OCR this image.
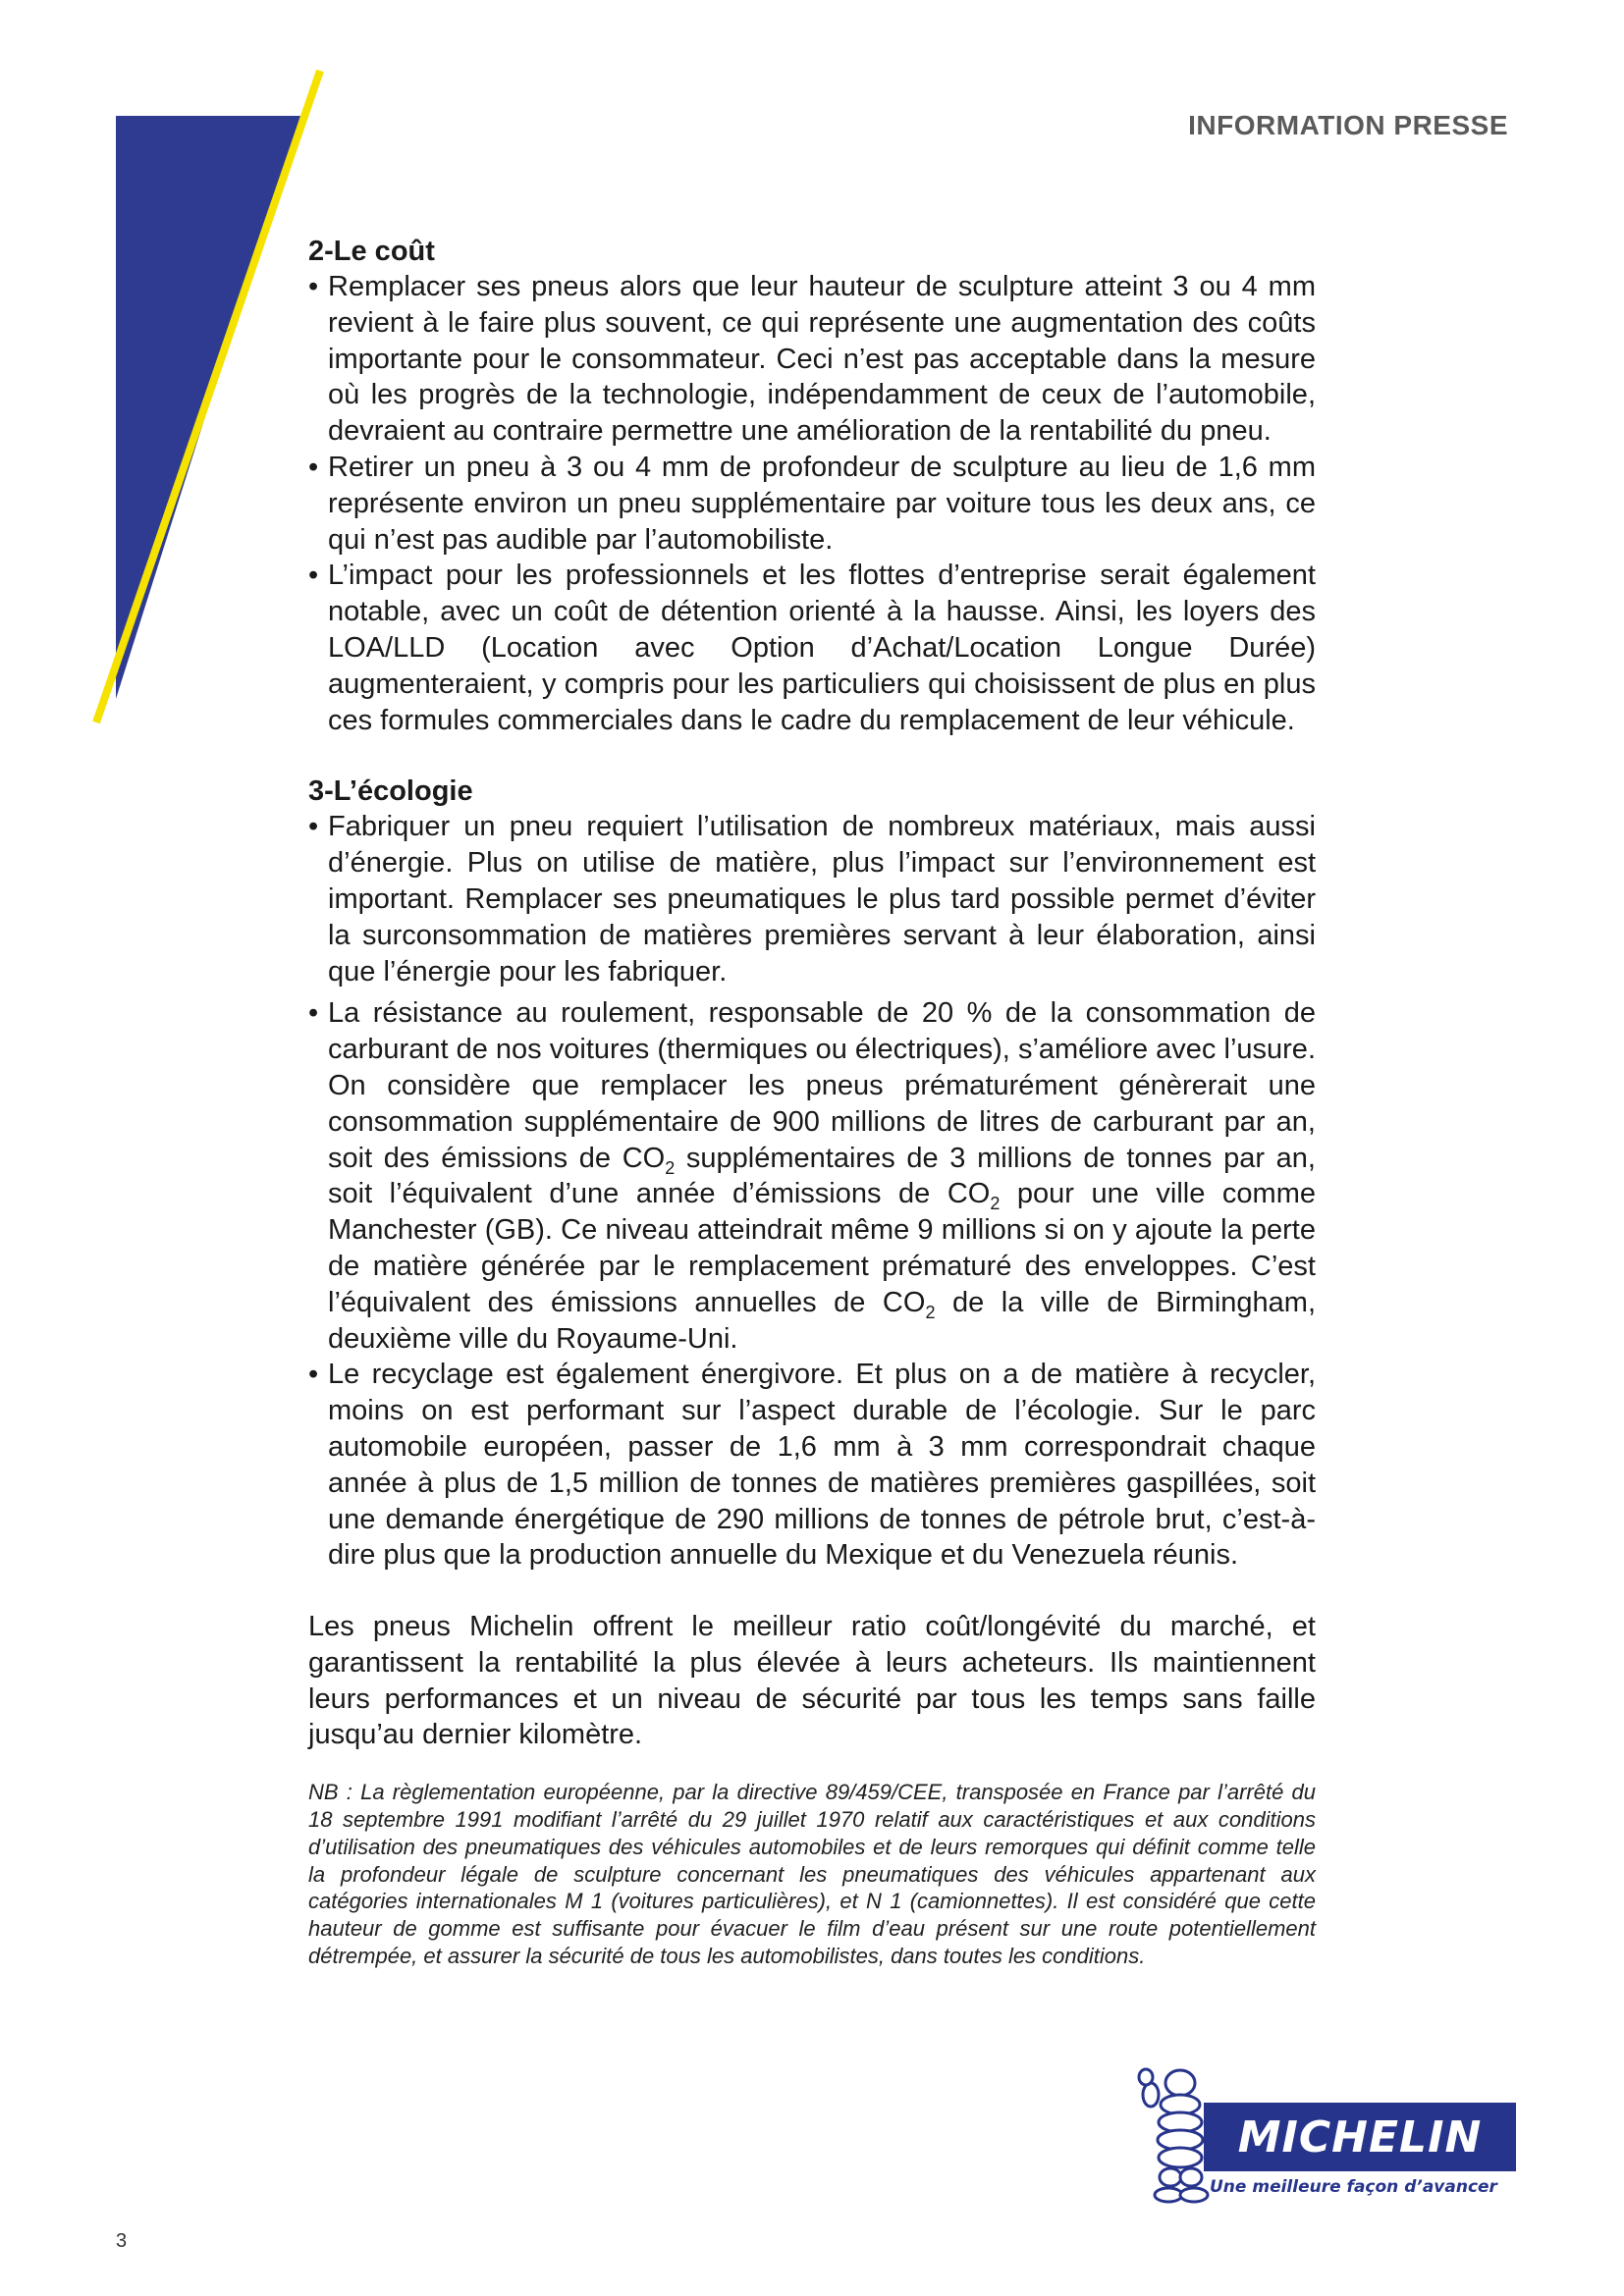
INFORMATION PRESSE
2-Le coût
• Remplacer ses pneus alors que leur hauteur de sculpture atteint 3 ou 4 mm revient à le faire plus souvent, ce qui représente une augmentation des coûts importante pour le consommateur. Ceci n’est pas acceptable dans la mesure où les progrès de la technologie, indépendamment de ceux de l’automobile, devraient au contraire permettre une amélioration de la rentabilité du pneu.
• Retirer un pneu à 3 ou 4 mm de profondeur de sculpture au lieu de 1,6 mm représente environ un pneu supplémentaire par voiture tous les deux ans, ce qui n’est pas audible par l’automobiliste.
• L’impact pour les professionnels et les flottes d’entreprise serait également notable, avec un coût de détention orienté à la hausse. Ainsi, les loyers des LOA/LLD (Location avec Option d’Achat/Location Longue Durée) augmenteraient, y compris pour les particuliers qui choisissent de plus en plus ces formules commerciales dans le cadre du remplacement de leur véhicule.
3-L’écologie
• Fabriquer un pneu requiert l’utilisation de nombreux matériaux, mais aussi d’énergie. Plus on utilise de matière, plus l’impact sur l’environnement est important. Remplacer ses pneumatiques le plus tard possible permet d’éviter la surconsommation de matières premières servant à leur élaboration, ainsi que l’énergie pour les fabriquer.
• La résistance au roulement, responsable de 20 % de la consommation de carburant de nos voitures (thermiques ou électriques), s’améliore avec l’usure. On considère que remplacer les pneus prématurément génèrerait une consommation supplémentaire de 900 millions de litres de carburant par an, soit des émissions de $CO_2$ supplémentaires de 3 millions de tonnes par an, soit l’équivalent d’une année d’émissions de $CO_2$ pour une ville comme Manchester (GB). Ce niveau atteindrait même 9 millions si on y ajoute la perte de matière générée par le remplacement prématuré des enveloppes. C’est l’équivalent des émissions annuelles de $CO_2$ de la ville de Birmingham, deuxième ville du Royaume-Uni.
• Le recyclage est également énergivore. Et plus on a de matière à recycler, moins on est performant sur l’aspect durable de l’écologie. Sur le parc automobile européen, passer de 1,6 mm à 3 mm correspondrait chaque année à plus de 1,5 million de tonnes de matières premières gaspillées, soit une demande énergétique de 290 millions de tonnes de pétrole brut, c’est-à-dire plus que la production annuelle du Mexique et du Venezuela réunis.

Les pneus Michelin offrent le meilleur ratio coût/longévité du marché, et garantissent la rentabilité la plus élevée à leurs acheteurs. Ils maintiennent leurs performances et un niveau de sécurité par tous les temps sans faille jusqu’au dernier kilomètre.

NB : La règlementation européenne, par la directive 89/459/CEE, transposée en France par l’arrêté du 18 septembre 1991 modifiant l’arrêté du 29 juillet 1970 relatif aux caractéristiques et aux conditions d’utilisation des pneumatiques des véhicules automobiles et de leurs remorques qui définit comme telle la profondeur légale de sculpture concernant les pneumatiques des véhicules appartenant aux catégories internationales M 1 (voitures particulières), et N 1 (camionnettes). Il est considéré que cette hauteur de gomme est suffisante pour évacuer le film d’eau présent sur une route potentiellement détrempée, et assurer la sécurité de tous les automobilistes, dans toutes les conditions.

MICHELIN
Une meilleure façon d’avancer
3
